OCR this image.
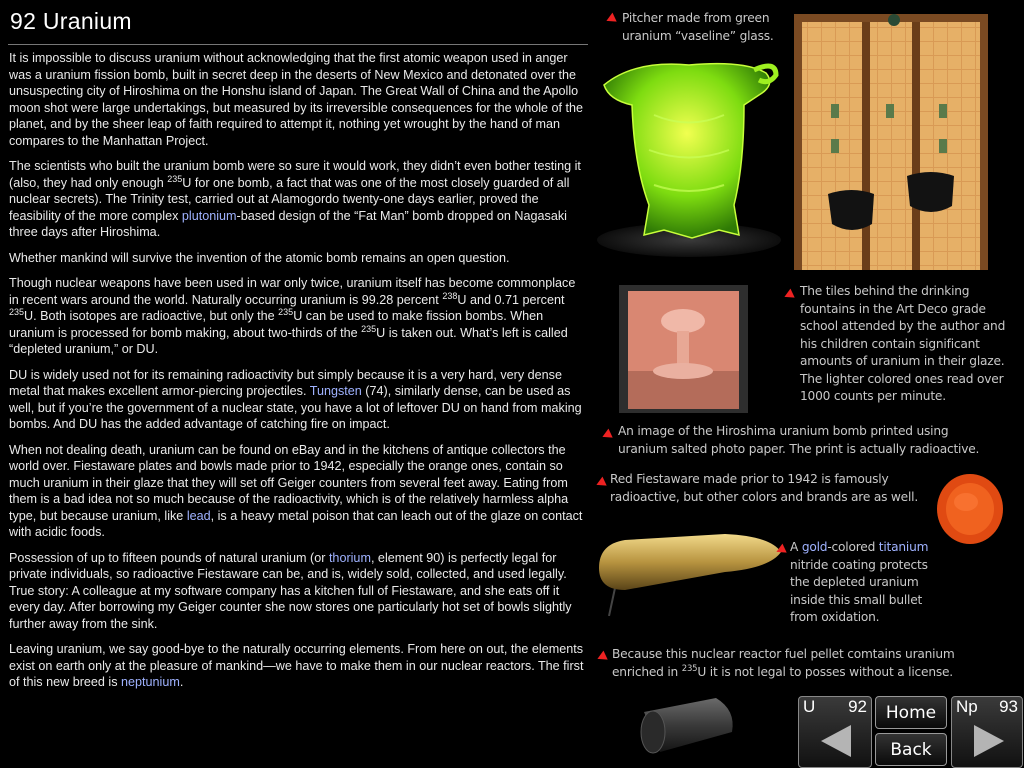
92 Uranium

It is impossible to discuss uranium without acknowledging that the first atomic weapon used in anger was a uranium fission bomb, built in secret deep in the deserts of New Mexico and detonated over the unsuspecting city of Hiroshima on the Honshu island of Japan. The Great Wall of China and the Apollo moon shot were large undertakings, but measured by its irreversible consequences for the whole of the planet, and by the sheer leap of faith required to attempt it, nothing yet wrought by the hand of man compares to the Manhattan Project.

The scientists who built the uranium bomb were so sure it would work, they didn’t even bother testing it (also, they had only enough $^{235}$U for one bomb, a fact that was one of the most closely guarded of all nuclear secrets). The Trinity test, carried out at Alamogordo twenty-one days earlier, proved the feasibility of the more complex plutonium-based design of the “Fat Man” bomb dropped on Nagasaki three days after Hiroshima.

Whether mankind will survive the invention of the atomic bomb remains an open question.

Though nuclear weapons have been used in war only twice, uranium itself has become commonplace in recent wars around the world. Naturally occurring uranium is 99.28 percent $^{238}$U and 0.71 percent $^{235}$U. Both isotopes are radioactive, but only the $^{235}$U can be used to make fission bombs. When uranium is processed for bomb making, about two-thirds of the $^{235}$U is taken out. What’s left is called “depleted uranium,” or DU.

DU is widely used not for its remaining radioactivity but simply because it is a very hard, very dense metal that makes excellent armor-piercing projectiles. Tungsten (74), similarly dense, can be used as well, but if you’re the government of a nuclear state, you have a lot of leftover DU on hand from making bombs. And DU has the added advantage of catching fire on impact.

When not dealing death, uranium can be found on eBay and in the kitchens of antique collectors the world over. Fiestaware plates and bowls made prior to 1942, especially the orange ones, contain so much uranium in their glaze that they will set off Geiger counters from several feet away. Eating from them is a bad idea not so much because of the radioactivity, which is of the relatively harmless alpha type, but because uranium, like lead, is a heavy metal poison that can leach out of the glaze on contact with acidic foods.

Possession of up to fifteen pounds of natural uranium (or thorium, element 90) is perfectly legal for private individuals, so radioactive Fiestaware can be, and is, widely sold, collected, and used legally. True story: A colleague at my software company has a kitchen full of Fiestaware, and she eats off it every day. After borrowing my Geiger counter she now stores one particularly hot set of bowls slightly further away from the sink.

Leaving uranium, we say good-bye to the naturally occurring elements. From here on out, the elements exist on earth only at the pleasure of mankind—we have to make them in our nuclear reactors. The first of this new breed is neptunium.

Pitcher made from green uranium “vaseline” glass.
The tiles behind the drinking fountains in the Art Deco grade school attended by the author and his children contain significant amounts of uranium in their glaze. The lighter colored ones read over 1000 counts per minute.
An image of the Hiroshima uranium bomb printed using uranium salted photo paper. The print is actually radioactive.
Red Fiestaware made prior to 1942 is famously radioactive, but other colors and brands are as well.
A gold-colored titanium nitride coating protects the depleted uranium inside this small bullet from oxidation.
Because this nuclear reactor fuel pellet comtains uranium enriched in $^{235}$U it is not legal to posses without a license.
U 92	Home
Back
Np 93
